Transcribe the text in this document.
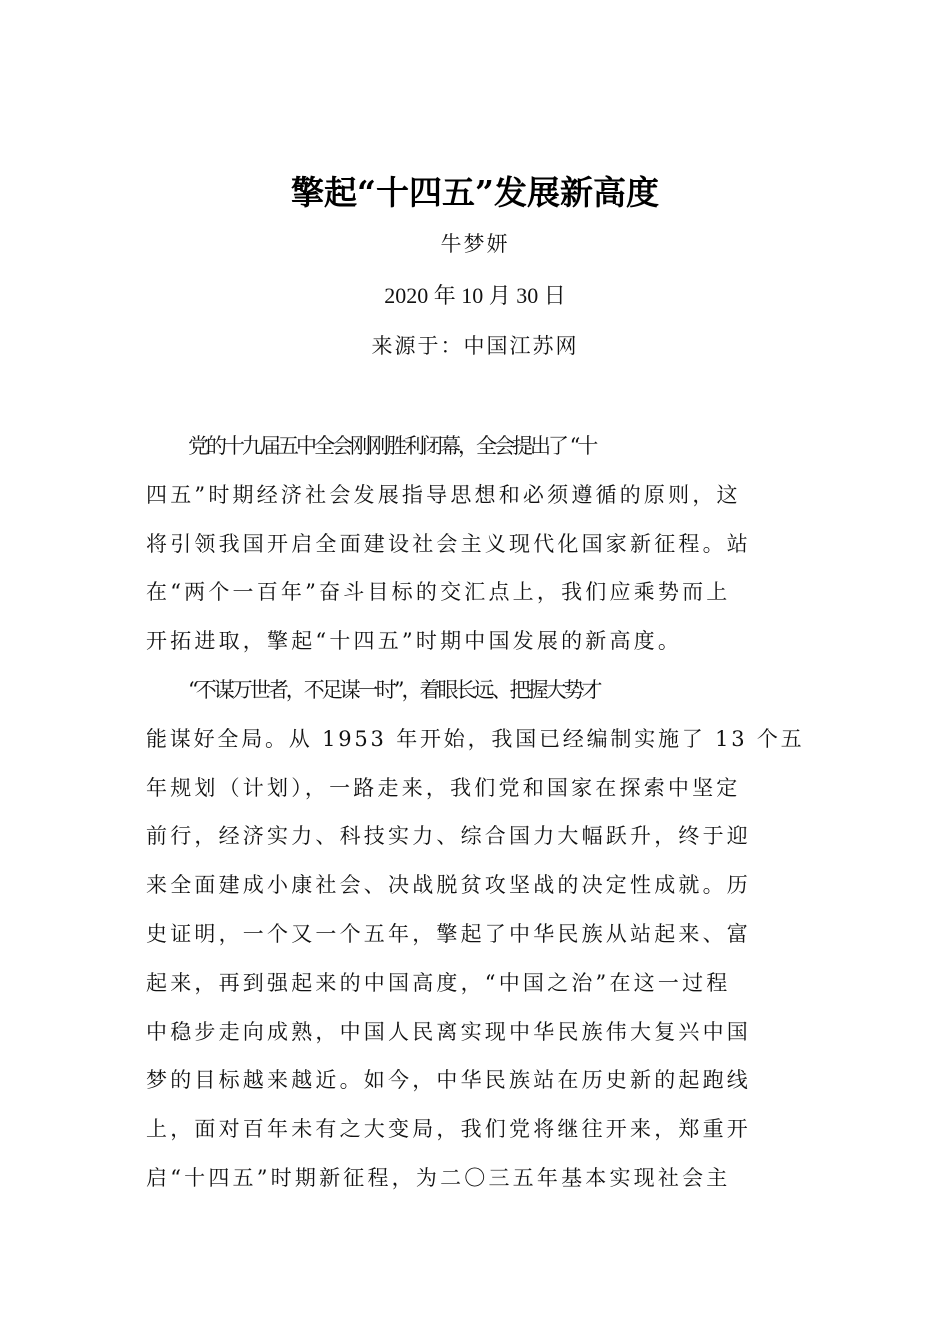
擎起“十四五”发展新高度
牛梦妍
2020 年 10 月 30 日
来源于：中国江苏网
党的十九届五中全会刚刚胜利闭幕，全会提出了 “十
四五”时期经济社会发展指导思想和必须遵循的原则，这
将引领我国开启全面建设社会主义现代化国家新征程。站
在“两个一百年”奋斗目标的交汇点上，我们应乘势而上
开拓进取，擎起“十四五”时期中国发展的新高度。
“不谋万世者，不足谋一时”，着眼长远、把握大势才
能谋好全局。从 1953 年开始，我国已经编制实施了 13 个五
年规划（计划），一路走来，我们党和国家在探索中坚定
前行，经济实力、科技实力、综合国力大幅跃升，终于迎
来全面建成小康社会、决战脱贫攻坚战的决定性成就。历
史证明，一个又一个五年，擎起了中华民族从站起来、富
起来，再到强起来的中国高度，“中国之治”在这一过程
中稳步走向成熟，中国人民离实现中华民族伟大复兴中国
梦的目标越来越近。如今，中华民族站在历史新的起跑线
上，面对百年未有之大变局，我们党将继往开来，郑重开
启“十四五”时期新征程，为二〇三五年基本实现社会主
